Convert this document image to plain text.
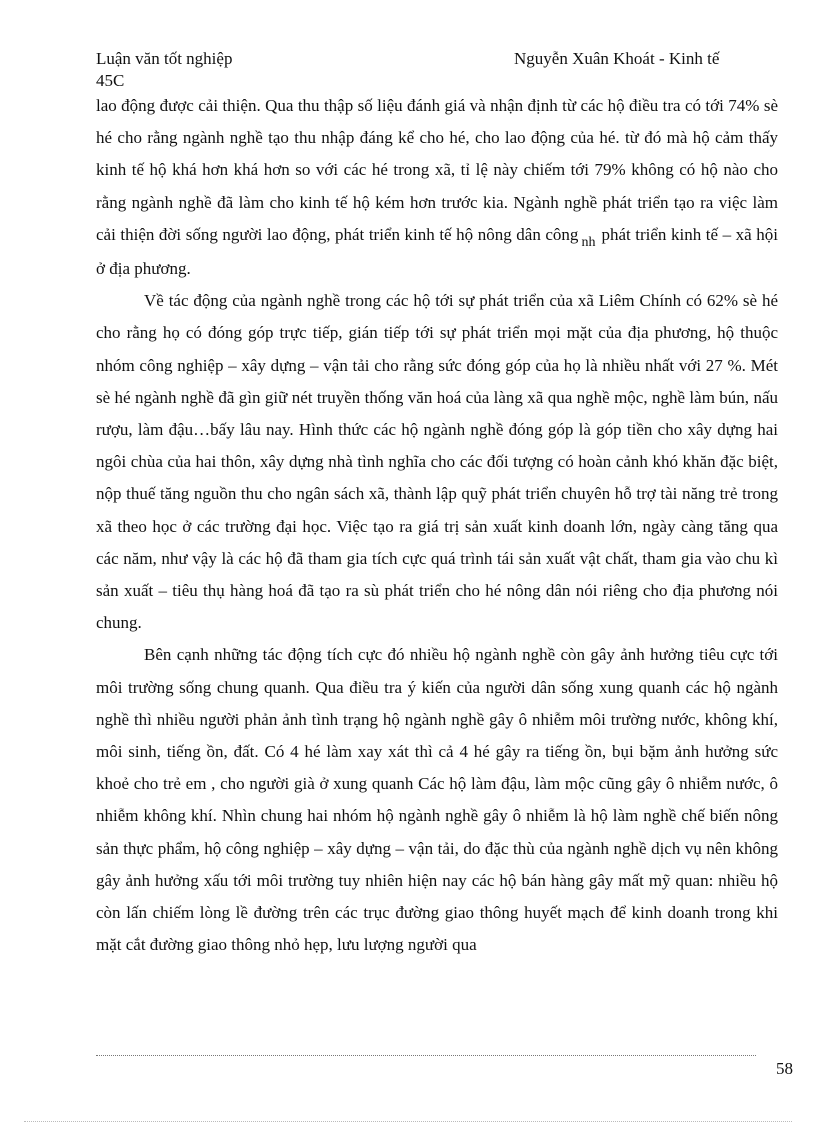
Luận văn tốt nghiệp
45C
Nguyễn Xuân Khoát - Kinh tế

lao động được cải thiện. Qua thu thập số liệu đánh giá và nhận định từ các hộ điều tra có tới 74% sè hé cho rằng ngành nghề tạo thu nhập đáng kể cho hé, cho lao động của hé. từ đó mà hộ cảm thấy kinh tế hộ khá hơn khá hơn so với các hé trong xã, tỉ lệ này chiếm tới 79% không có hộ nào cho rằng ngành nghề đã làm cho kinh tế hộ kém hơn trước kia. Ngành nghề phát triển tạo ra việc làm cải thiện đời sống người lao động, phát triển kinh tế hộ nông dân công $_{nh}$ phát triển kinh tế – xã hội ở địa phương.

Về tác động của ngành nghề trong các hộ tới sự phát triển của xã Liêm Chính có 62% sè hé cho rằng họ có đóng góp trực tiếp, gián tiếp tới sự phát triển mọi mặt của địa phương, hộ thuộc nhóm công nghiệp – xây dựng – vận tải cho rằng sức đóng góp của họ là nhiều nhất với 27 %. Mét sè hé ngành nghề đã gìn giữ nét truyền thống văn hoá của làng xã qua nghề mộc, nghề làm bún, nấu rượu, làm đậu…bấy lâu nay. Hình thức các hộ ngành nghề đóng góp là góp tiền cho xây dựng hai ngôi chùa của hai thôn, xây dựng nhà tình nghĩa cho các đối tượng có hoàn cảnh khó khăn đặc biệt, nộp thuế tăng nguồn thu cho ngân sách xã, thành lập quỹ phát triển chuyên hỗ trợ tài năng trẻ trong xã theo học ở các trường đại học. Việc tạo ra giá trị sản xuất kinh doanh lớn, ngày càng tăng qua các năm, như vậy là các hộ đã tham gia tích cực quá trình tái sản xuất vật chất, tham gia vào chu kì sản xuất – tiêu thụ hàng hoá đã tạo ra sù phát triển cho hé nông dân nói riêng cho địa phương nói chung.

Bên cạnh những tác động tích cực đó nhiều hộ ngành nghề còn gây ảnh hưởng tiêu cực tới môi trường sống chung quanh. Qua điều tra ý kiến của người dân sống xung quanh các hộ ngành nghề thì nhiều người phản ảnh tình trạng hộ ngành nghề gây ô nhiễm môi trường nước, không khí, môi sinh, tiếng ồn, đất. Có 4 hé làm xay xát thì cả 4 hé gây ra tiếng ồn, bụi bặm ảnh hưởng sức khoẻ cho trẻ em , cho người già ở xung quanh Các hộ làm đậu, làm mộc cũng gây ô nhiễm nước, ô nhiễm không khí. Nhìn chung hai nhóm hộ ngành nghề gây ô nhiễm là hộ làm nghề chế biến nông sản thực phẩm, hộ công nghiệp – xây dựng – vận tải, do đặc thù của ngành nghề dịch vụ nên không gây ảnh hưởng xấu tới môi trường tuy nhiên hiện nay các hộ bán hàng gây mất mỹ quan: nhiều hộ còn lấn chiếm lòng lề đường trên các trục đường giao thông huyết mạch để kinh doanh trong khi mặt cắt đường giao thông nhỏ hẹp, lưu lượng người qua

58
